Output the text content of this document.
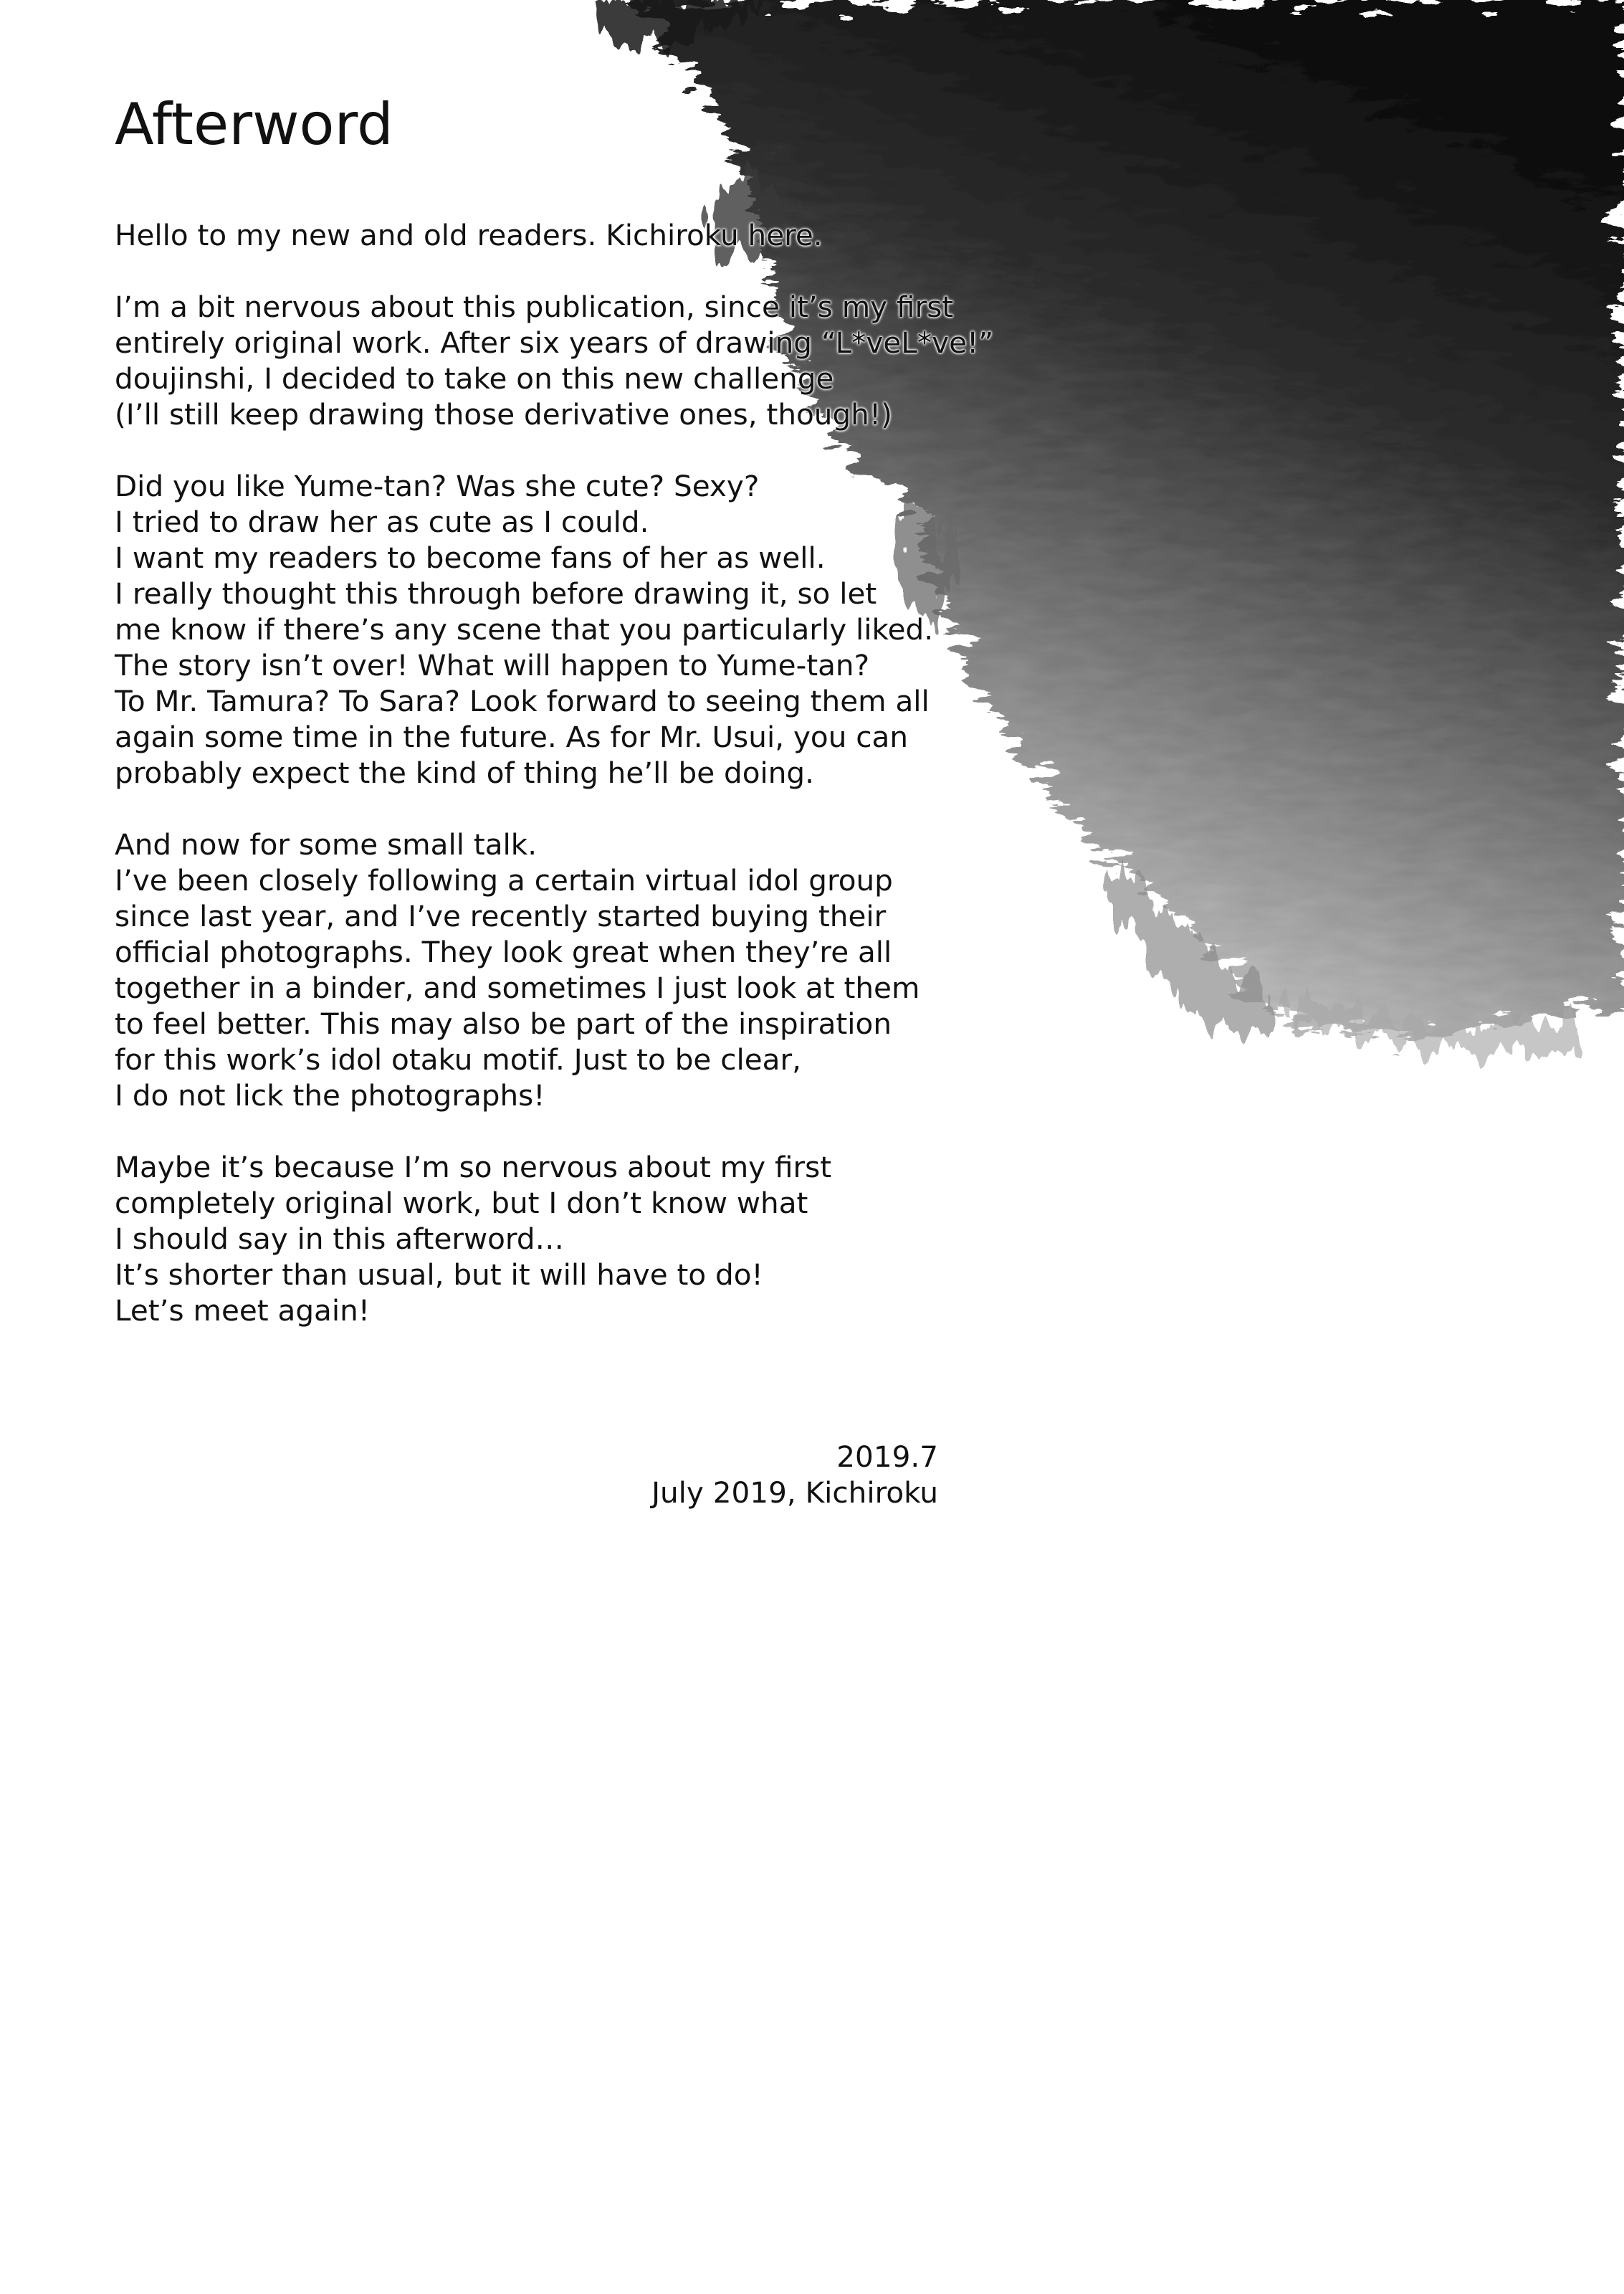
Afterword
Hello to my new and old readers. Kichiroku here.
I’m a bit nervous about this publication, since it’s my first
entirely original work. After six years of drawing “L*veL*ve!”
doujinshi, I decided to take on this new challenge
(I’ll still keep drawing those derivative ones, though!)
Did you like Yume-tan? Was she cute? Sexy?
I tried to draw her as cute as I could.
I want my readers to become fans of her as well.
I really thought this through before drawing it, so let
me know if there’s any scene that you particularly liked.
The story isn’t over! What will happen to Yume-tan?
To Mr. Tamura? To Sara? Look forward to seeing them all
again some time in the future. As for Mr. Usui, you can
probably expect the kind of thing he’ll be doing.
And now for some small talk.
I’ve been closely following a certain virtual idol group
since last year, and I’ve recently started buying their
official photographs. They look great when they’re all
together in a binder, and sometimes I just look at them
to feel better. This may also be part of the inspiration
for this work’s idol otaku motif. Just to be clear,
I do not lick the photographs!
Maybe it’s because I’m so nervous about my first
completely original work, but I don’t know what
I should say in this afterword…
It’s shorter than usual, but it will have to do!
Let’s meet again!
2019.7
July 2019, Kichiroku
